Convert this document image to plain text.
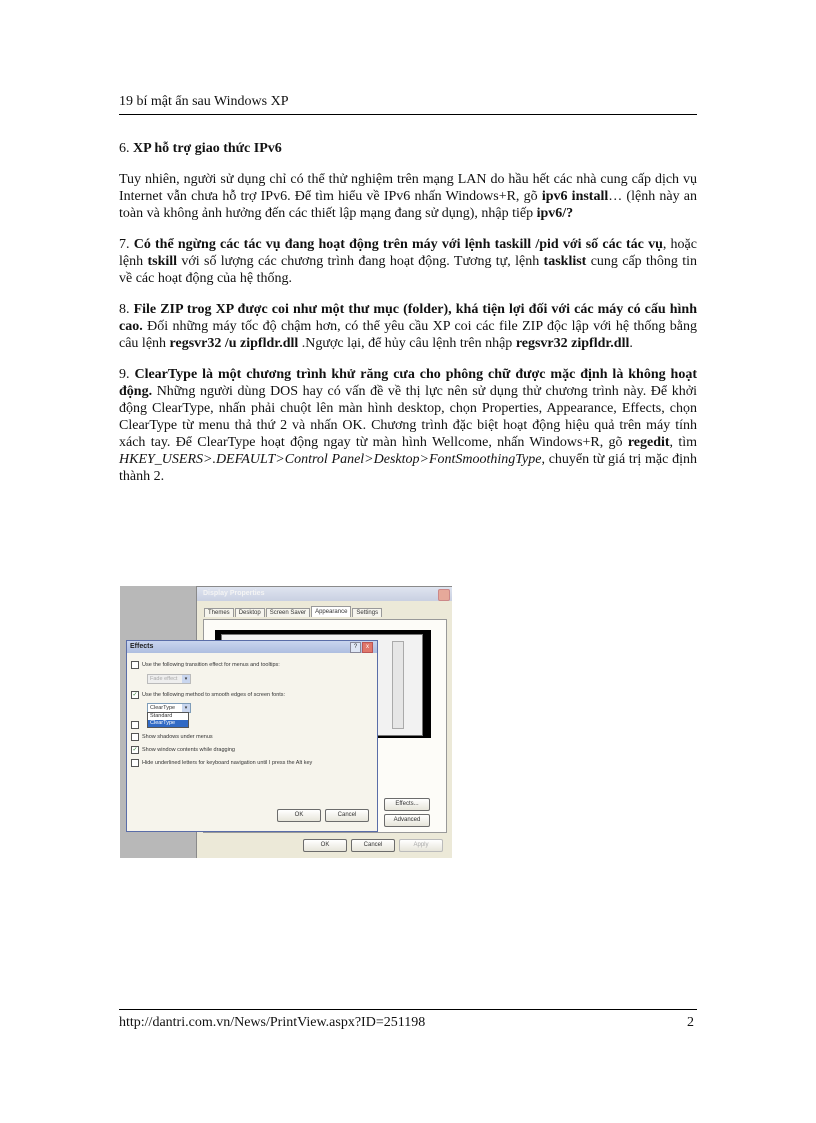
19 bí mật ẩn sau Windows XP

6. XP hỗ trợ giao thức IPv6

Tuy nhiên, người sử dụng chỉ có thể thử nghiệm trên mạng LAN do hầu hết các nhà cung cấp dịch vụ Internet vẫn chưa hỗ trợ IPv6. Để tìm hiểu về IPv6 nhấn Windows+R, gõ ipv6 install… (lệnh này an toàn và không ảnh hưởng đến các thiết lập mạng đang sử dụng), nhập tiếp ipv6/?

7. Có thể ngừng các tác vụ đang hoạt động trên máy với lệnh taskill /pid với số các tác vụ, hoặc lệnh tskill với số lượng các chương trình đang hoạt động. Tương tự, lệnh tasklist cung cấp thông tin về các hoạt động của hệ thống.

8. File ZIP trog XP được coi như một thư mục (folder), khá tiện lợi đối với các máy có cấu hình cao. Đối những máy tốc độ chậm hơn, có thể yêu cầu XP coi các file ZIP độc lập với hệ thống bằng câu lệnh regsvr32 /u zipfldr.dll .Ngược lại, để hủy câu lệnh trên nhập regsvr32 zipfldr.dll.

9. ClearType là một chương trình khử răng cưa cho phông chữ được mặc định là không hoạt động. Những người dùng DOS hay có vấn đề về thị lực nên sử dụng thử chương trình này. Để khởi động ClearType, nhấn phải chuột lên màn hình desktop, chọn Properties, Appearance, Effects, chọn ClearType từ menu thả thứ 2 và nhấn OK. Chương trình đặc biệt hoạt động hiệu quả trên máy tính xách tay. Để ClearType hoạt động ngay từ màn hình Wellcome, nhấn Windows+R, gõ regedit, tìm HKEY_USERS>.DEFAULT>Control Panel>Desktop>FontSmoothingType, chuyển từ giá trị mặc định thành 2.

Display Properties
Themes	Desktop	Screen Saver	Appearance	Settings
Effects...
Advanced
OK	Cancel	Apply
Effects	?	x
Use the following transition effect for menus and tooltips:
Fade effect	▾
✓ Use the following method to smooth edges of screen fonts:
ClearType	▾
Standard
ClearType
Show shadows under menus
✓ Show window contents while dragging
Hide underlined letters for keyboard navigation until I press the Alt key
OK	Cancel
http://dantri.com.vn/News/PrintView.aspx?ID=251198	2
